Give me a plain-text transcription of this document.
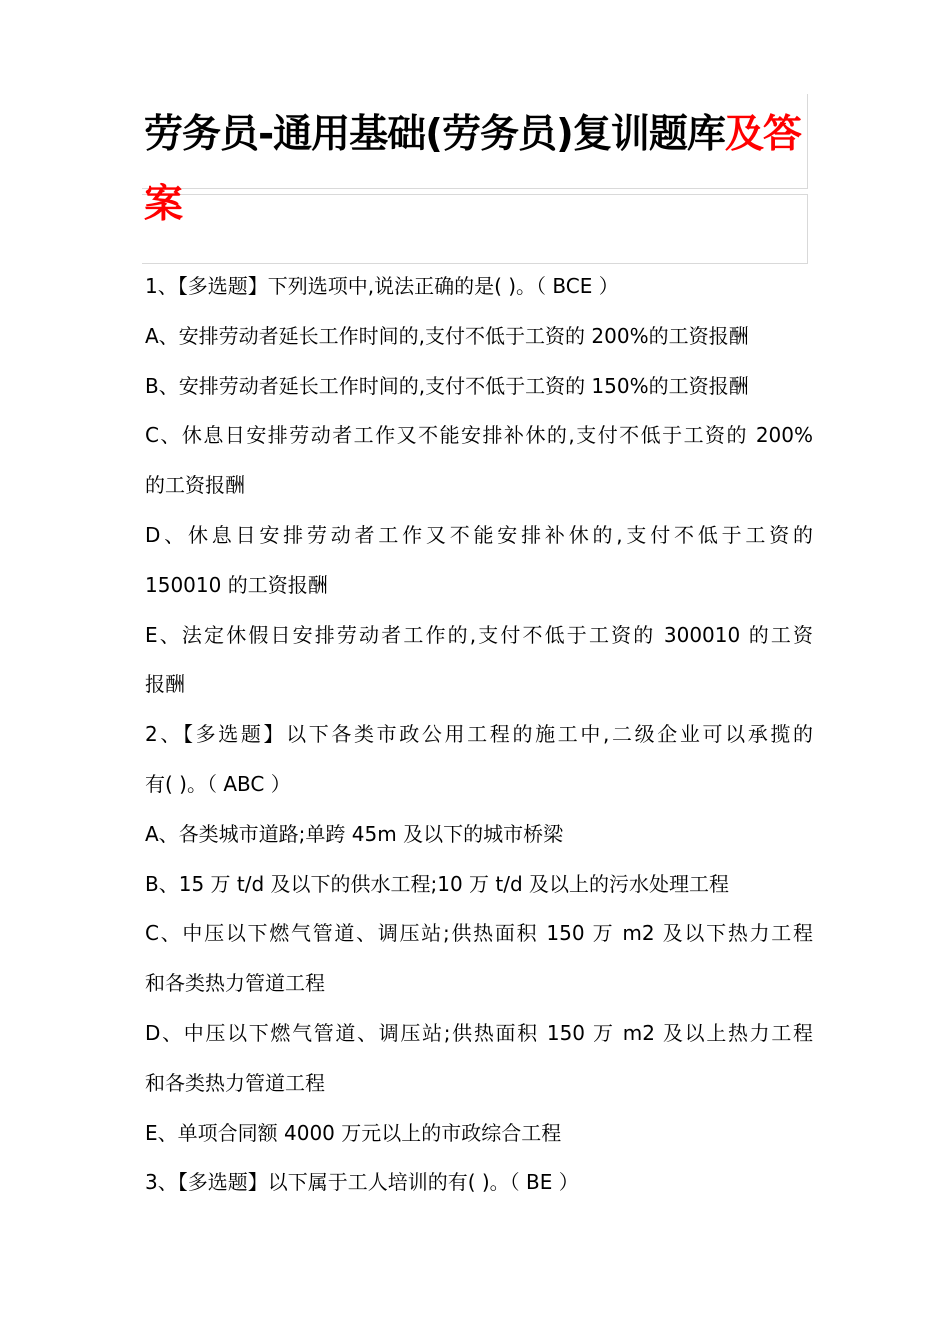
劳务员-通用基础(劳务员)复训题库及答案
1、【多选题】下列选项中,说法正确的是( )。（ BCE ）
A、安排劳动者延长工作时间的,支付不低于工资的 200%的工资报酬
B、安排劳动者延长工作时间的,支付不低于工资的 150%的工资报酬
C、休息日安排劳动者工作又不能安排补休的,支付不低于工资的 200%
的工资报酬
D、休息日安排劳动者工作又不能安排补休的,支付不低于工资的
150010 的工资报酬
E、法定休假日安排劳动者工作的,支付不低于工资的 300010 的工资
报酬
2、【多选题】以下各类市政公用工程的施工中,二级企业可以承揽的
有( )。（ ABC ）
A、各类城市道路;单跨 45m 及以下的城市桥梁
B、15 万 t/d 及以下的供水工程;10 万 t/d 及以上的污水处理工程
C、中压以下燃气管道、调压站;供热面积 150 万 m2 及以下热力工程
和各类热力管道工程
D、中压以下燃气管道、调压站;供热面积 150 万 m2 及以上热力工程
和各类热力管道工程
E、单项合同额 4000 万元以上的市政综合工程
3、【多选题】以下属于工人培训的有( )。（ BE ）
